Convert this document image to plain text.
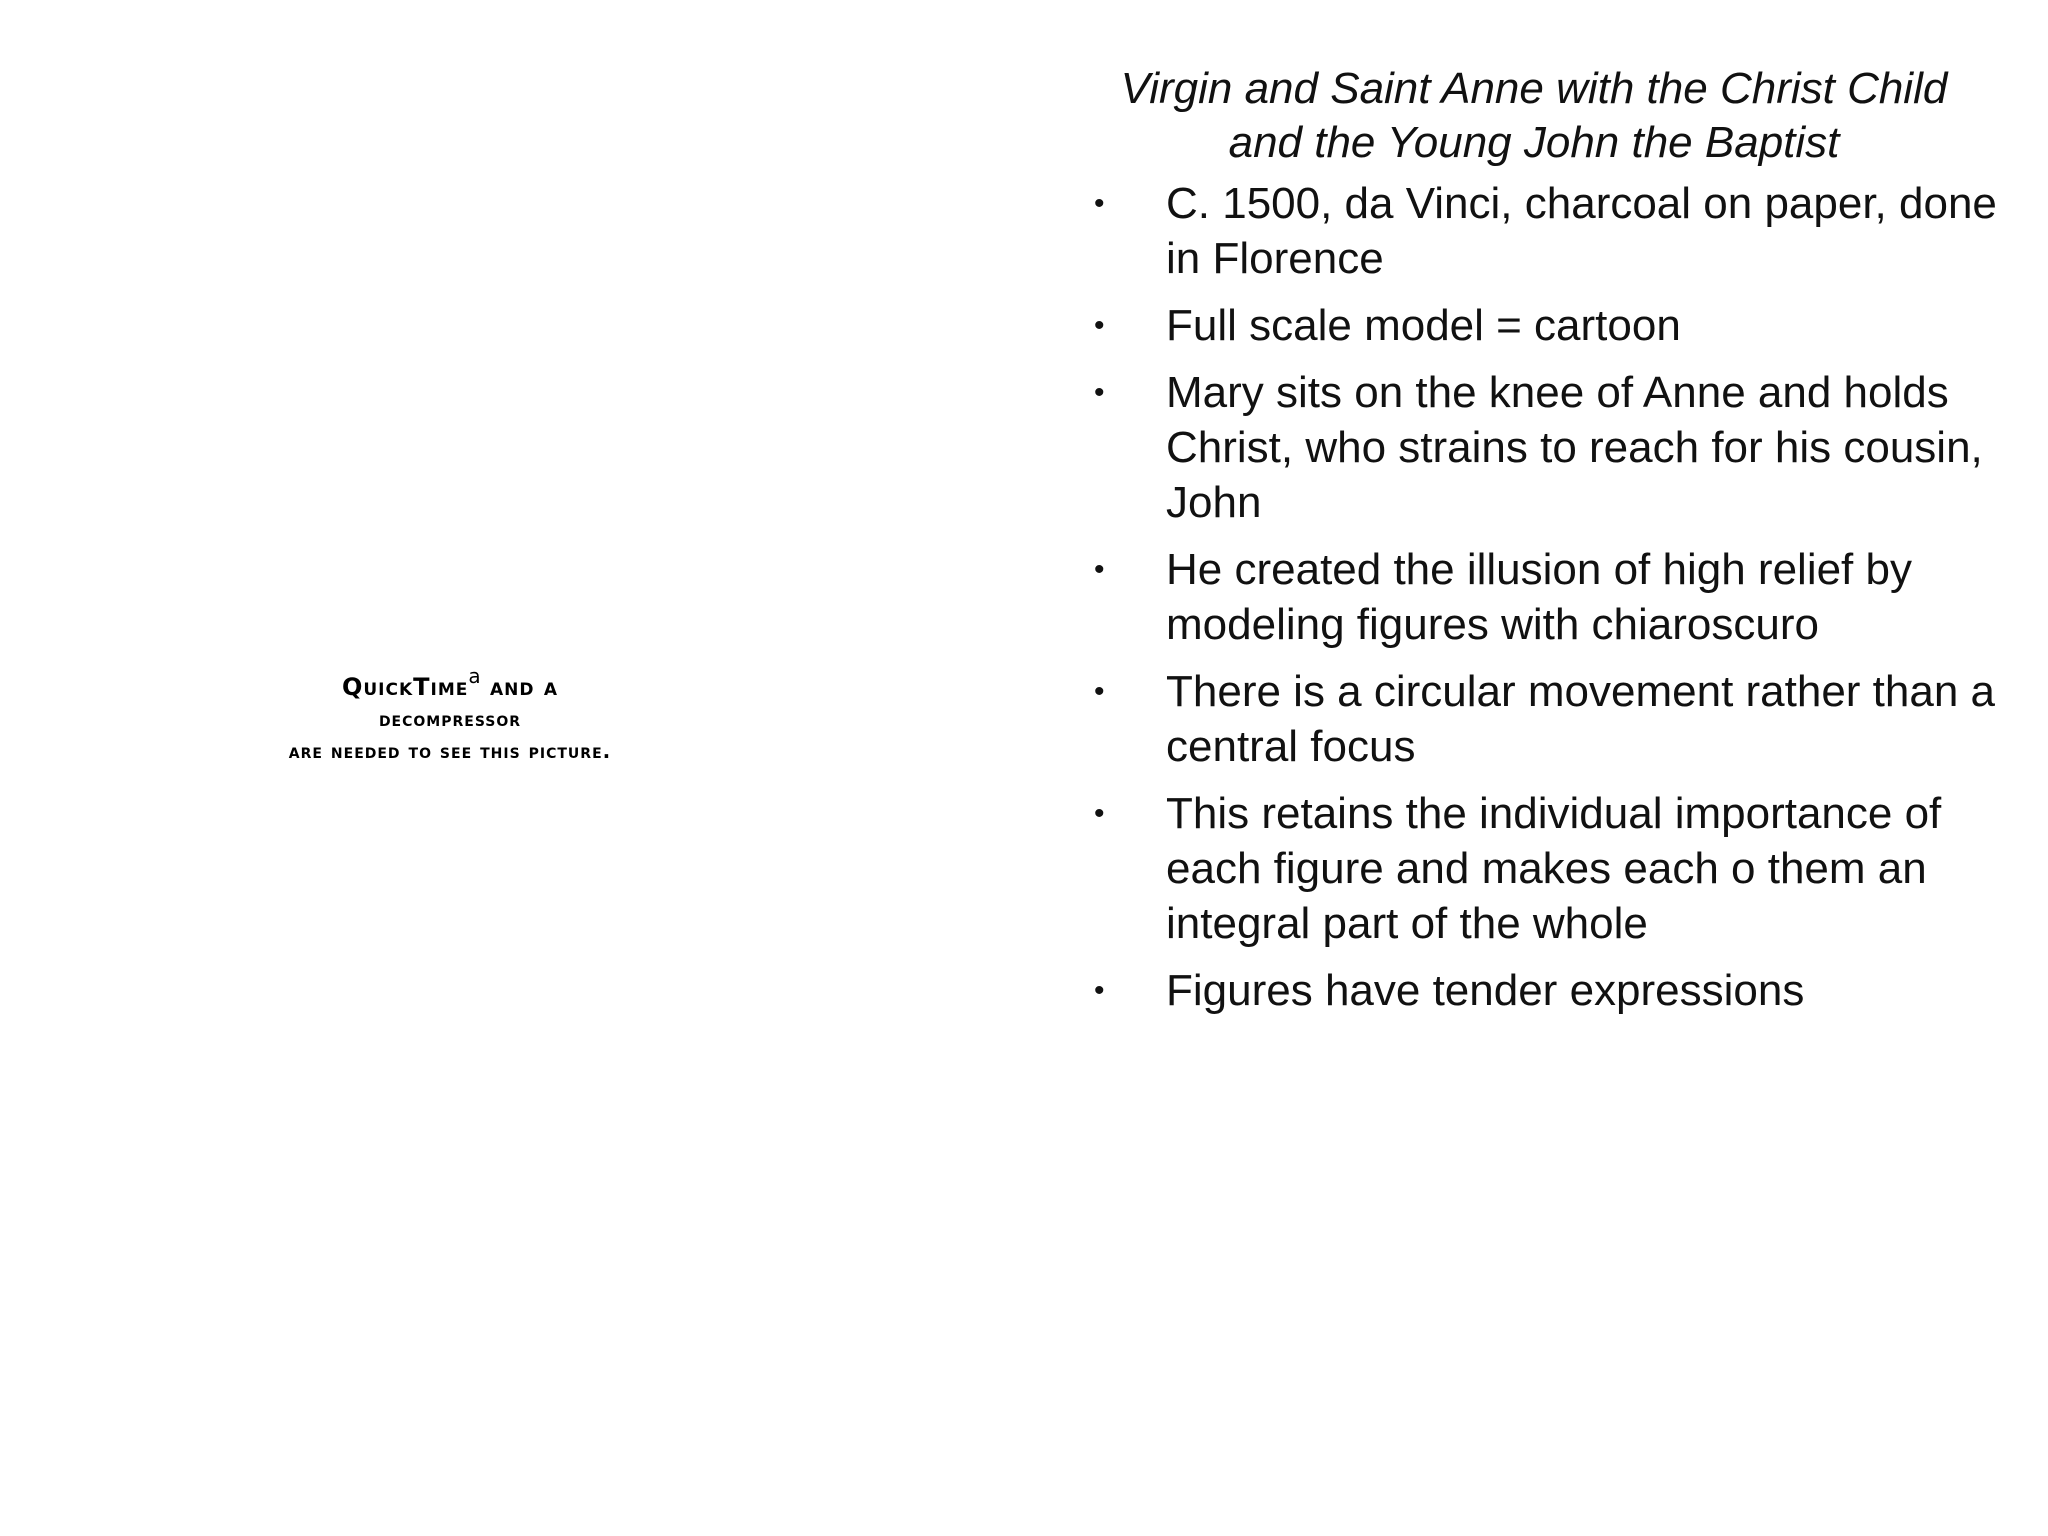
QuickTime$^a$ and a
decompressor
are needed to see this picture.
Virgin and Saint Anne with the Christ Child
and the Young John the Baptist
• C. 1500, da Vinci, charcoal on paper, done in Florence
• Full scale model = cartoon
• Mary sits on the knee of Anne and holds Christ, who strains to reach for his cousin, John
• He created the illusion of high relief by modeling figures with chiaroscuro
• There is a circular movement rather than a central focus
• This retains the individual importance of each figure and makes each o them an integral part of the whole
• Figures have tender expressions
